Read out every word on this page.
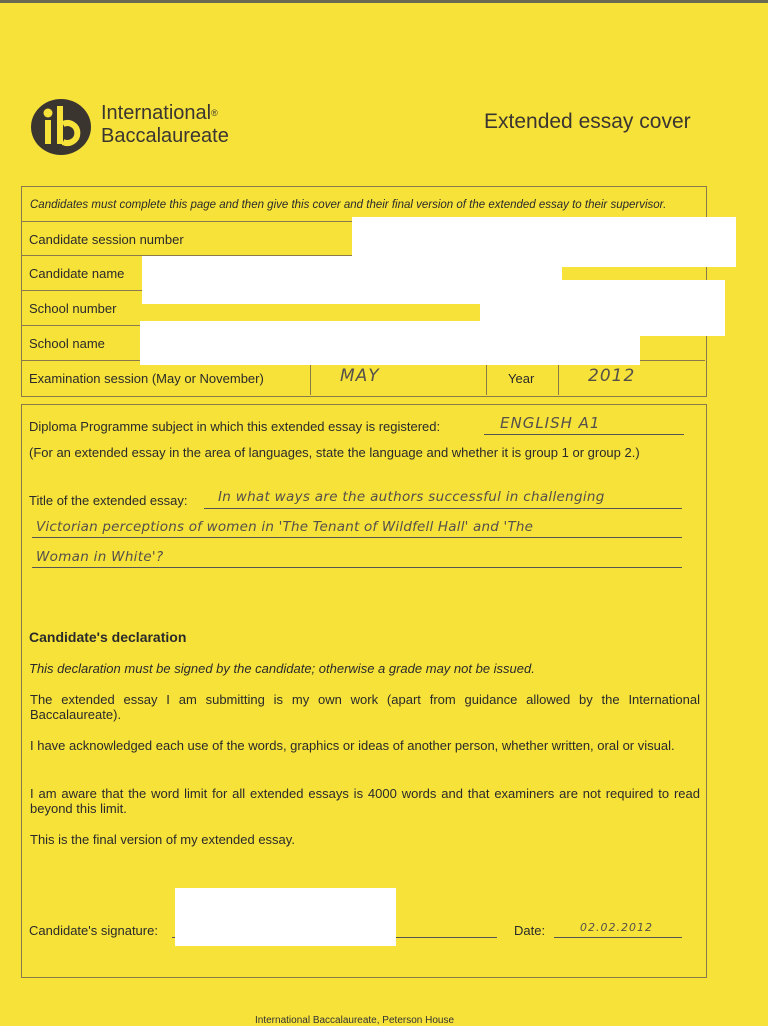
International®
Baccalaureate
Extended essay cover
Candidates must complete this page and then give this cover and their final version of the extended essay to their supervisor.
Candidate session number
Candidate name
School number
School name
Examination session (May or November)	MAY	Year	2012
Diploma Programme subject in which this extended essay is registered:	ENGLISH A1
(For an extended essay in the area of languages, state the language and whether it is group 1 or group 2.)
Title of the extended essay: In what ways are the authors successful in challenging
Victorian perceptions of women in 'The Tenant of Wildfell Hall' and 'The
Woman in White'?
Candidate's declaration
This declaration must be signed by the candidate; otherwise a grade may not be issued.
The extended essay I am submitting is my own work (apart from guidance allowed by the International Baccalaureate).
I have acknowledged each use of the words, graphics or ideas of another person, whether written, oral or visual.
I am aware that the word limit for all extended essays is 4000 words and that examiners are not required to read beyond this limit.
This is the final version of my extended essay.
Candidate's signature:	Date:	02.02.2012
International Baccalaureate, Peterson House
